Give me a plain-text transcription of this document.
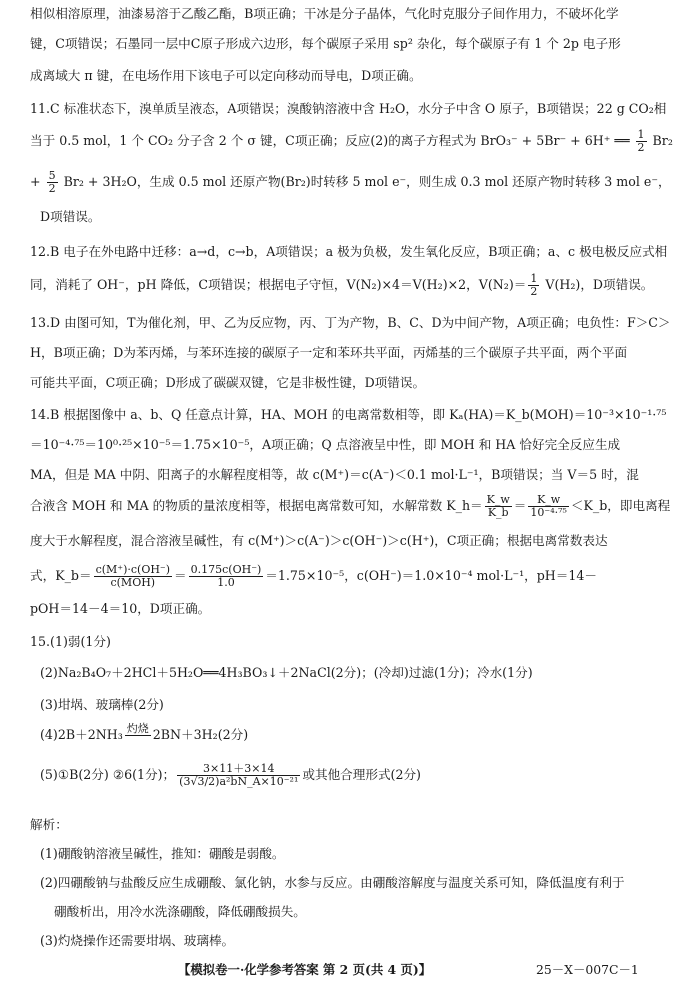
相似相溶原理，油漆易溶于乙酸乙酯，B项正确；干冰是分子晶体，气化时克服分子间作用力，不破坏化学
键，C项错误；石墨同一层中C原子形成六边形，每个碳原子采用 sp² 杂化，每个碳原子有 1 个 2p 电子形
成离域大 π 键，在电场作用下该电子可以定向移动而导电，D项正确。
11.C 标准状态下，溴单质呈液态，A项错误；溴酸钠溶液中含 H₂O，水分子中含 O 原子，B项错误；22 g CO₂相
当于 0.5 mol，1 个 CO₂ 分子含 2 个 σ 键，C项正确；反应(2)的离子方程式为 BrO₃⁻ + 5Br⁻ + 6H⁺ ══ $\frac{1}{2} Br_2$
+ $\frac{5}{2} Br_2 + 3H_2O$，生成 0.5 mol 还原产物(Br₂)时转移 5 mol e⁻，则生成 0.3 mol 还原产物时转移 3 mol e⁻，
D项错误。
12.B 电子在外电路中迁移：a→d，c→b，A项错误；a 极为负极，发生氧化反应，B项正确；a、c 极电极反应式相
同，消耗了 OH⁻，pH 降低，C项错误；根据电子守恒，V(N₂)×4＝V(H₂)×2，$V(N_2)= \frac{1}{2} V(H_2)$，D项错误。
13.D 由图可知，T为催化剂，甲、乙为反应物，丙、丁为产物，B、C、D为中间产物，A项正确；电负性：F＞C＞
H，B项正确；D为苯丙烯，与苯环连接的碳原子一定和苯环共平面，丙烯基的三个碳原子共平面，两个平面
可能共平面，C项正确；D形成了碳碳双键，它是非极性键，D项错误。
14.B 根据图像中 a、b、Q 任意点计算，HA、MOH 的电离常数相等，即 Kₐ(HA)＝K_b(MOH)＝10⁻³×10⁻¹·⁷⁵
＝10⁻⁴·⁷⁵＝10⁰·²⁵×10⁻⁵＝1.75×10⁻⁵，A项正确；Q 点溶液呈中性，即 MOH 和 HA 恰好完全反应生成
MA，但是 MA 中阴、阳离子的水解程度相等，故 c(M⁺)＝c(A⁻)＜0.1 mol·L⁻¹，B项错误；当 V＝5 时，混
合液含 MOH 和 MA 的物质的量浓度相等，根据电离常数可知，水解常数 K_h＝ $\frac{K\_w}{K\_b} = \frac{K\_w}{\text{10⁻⁴·⁷⁵}}$ ＜K_b，即电离程
度大于水解程度，混合溶液呈碱性，有 c(M⁺)＞c(A⁻)＞c(OH⁻)＞c(H⁺)，C项正确；根据电离常数表达
式，K_b＝ $\frac{c(M^+)\cdot c(OH^-)}{\text{c(MOH)}} = \frac{0.175c(OH^-)}{1.0} =1.75\times 10^{-5}$，c(OH⁻)＝1.0×10⁻⁴ mol·L⁻¹，pH＝14－
pOH＝14－4＝10，D项正确。
15.(1)弱(1分)
(2)Na₂B₄O₇＋2HCl＋5H₂O══4H₃BO₃↓＋2NaCl(2分)；(冷却)过滤(1分)；冷水(1分)
(3)坩埚、玻璃棒(2分)
(4)2B＋2NH₃ 灼烧
  2BN＋3H₂(2分)
(5)①B(2分) ②6(1分)； $\frac{3\times 11+3\times 14}{\text{(3√3/2)a²bN\_A×10⁻²¹}}$ 或其他合理形式(2分)
解析：
(1)硼酸钠溶液呈碱性，推知：硼酸是弱酸。
(2)四硼酸钠与盐酸反应生成硼酸、氯化钠，水参与反应。由硼酸溶解度与温度关系可知，降低温度有利于
硼酸析出，用冷水洗涤硼酸，降低硼酸损失。
(3)灼烧操作还需要坩埚、玻璃棒。
【模拟卷一·化学参考答案 第 2 页(共 4 页)】	25－X－007C－1
